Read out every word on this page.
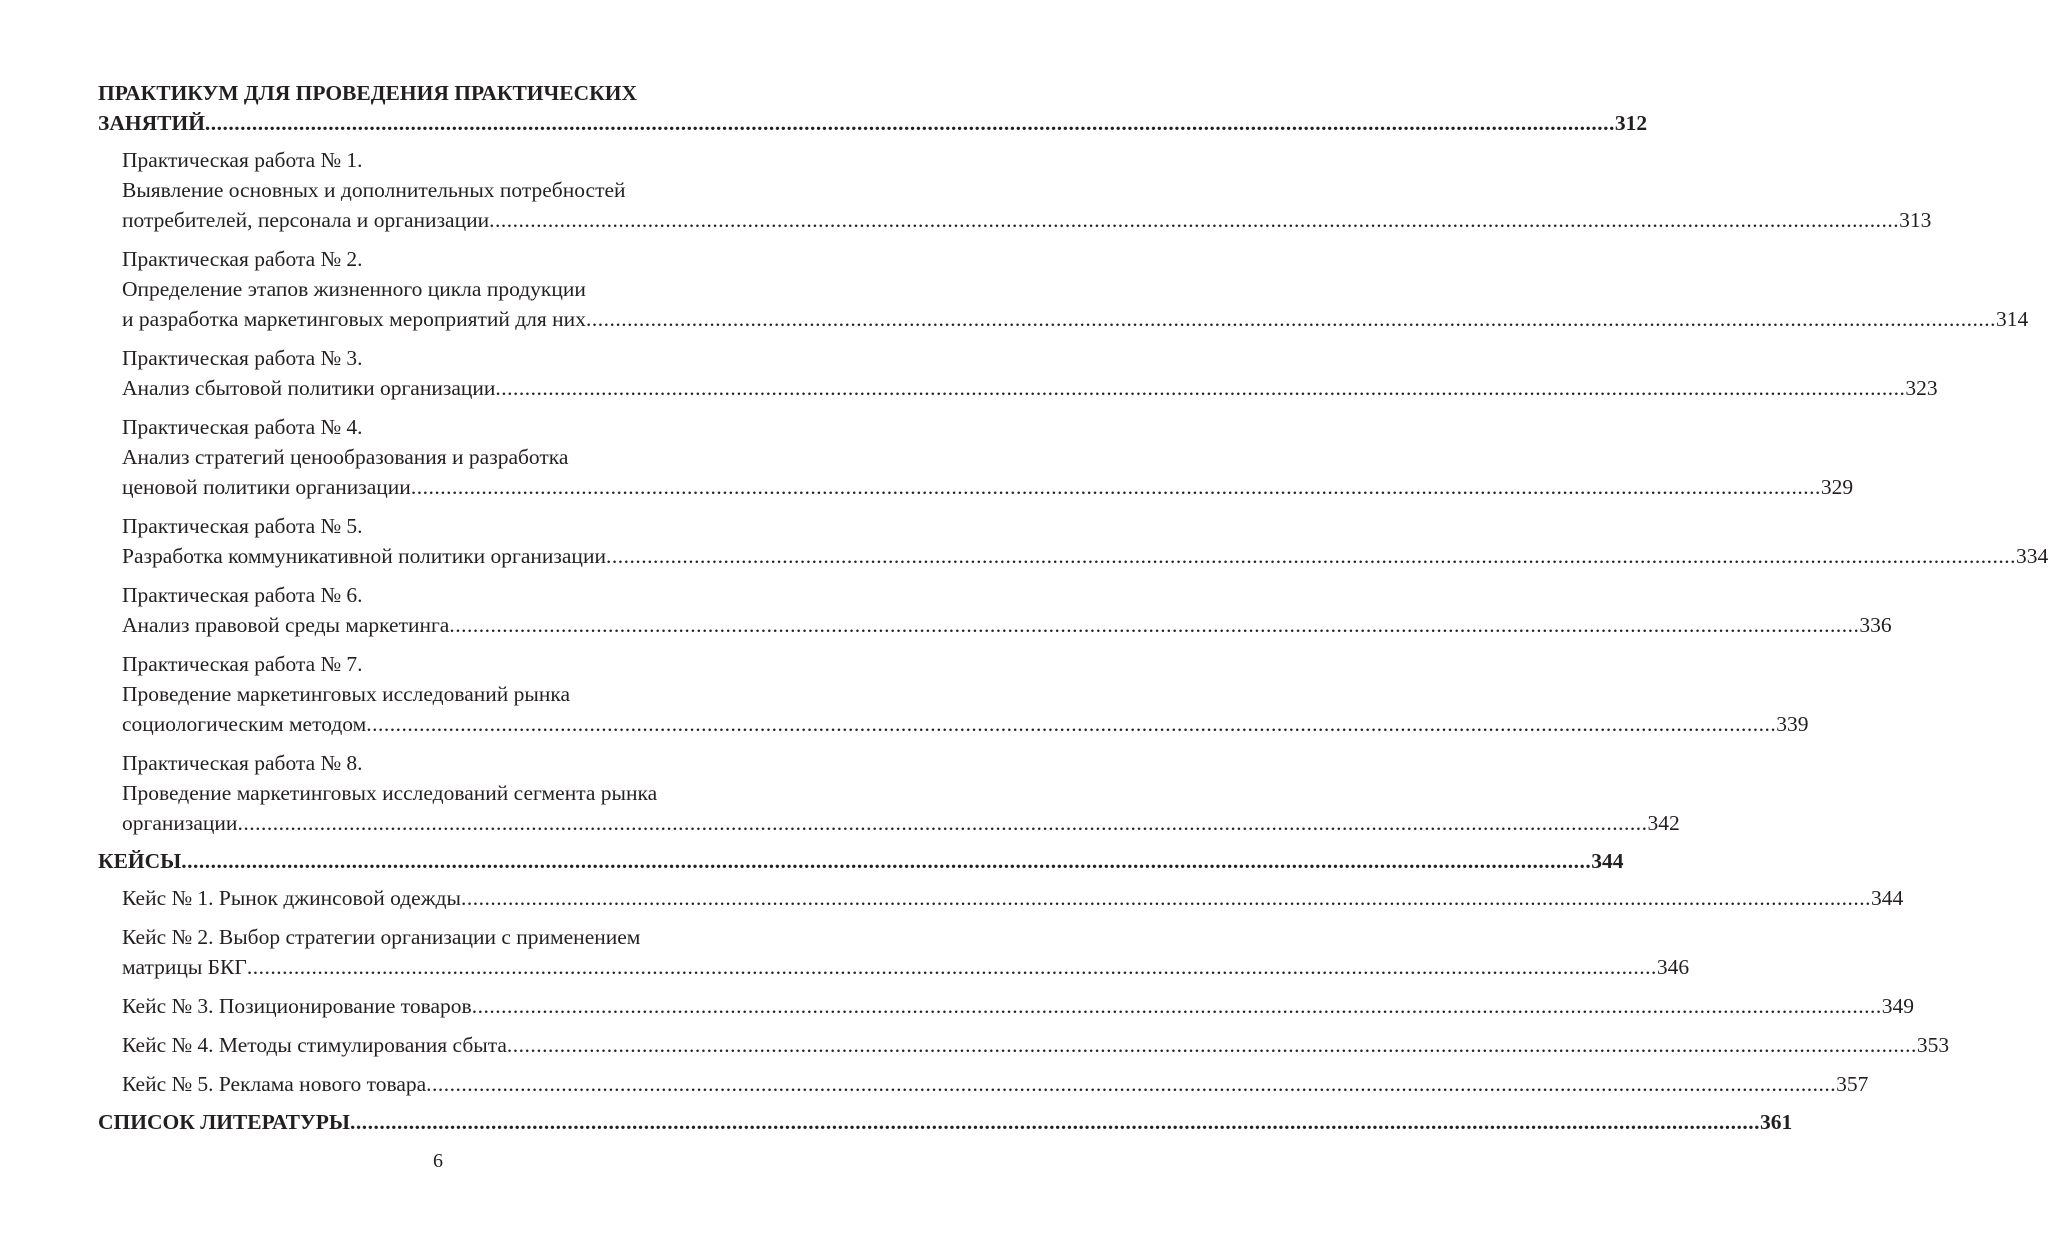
ПРАКТИКУМ ДЛЯ ПРОВЕДЕНИЯ ПРАКТИЧЕСКИХ
ЗАНЯТИЙ .....	312
Практическая работа № 1.
Выявление основных и дополнительных потребностей
потребителей, персонала и организации .....	313
Практическая работа № 2.
Определение этапов жизненного цикла продукции
и разработка маркетинговых мероприятий для них .....	314
Практическая работа № 3.
Анализ сбытовой политики организации .....	323
Практическая работа № 4.
Анализ стратегий ценообразования и разработка
ценовой политики организации .....	329
Практическая работа № 5.
Разработка коммуникативной политики организации .....	334
Практическая работа № 6.
Анализ правовой среды маркетинга .....	336
Практическая работа № 7.
Проведение маркетинговых исследований рынка
социологическим методом .....	339
Практическая работа № 8.
Проведение маркетинговых исследований сегмента рынка
организации .....	342
КЕЙСЫ .....	344
Кейс № 1. Рынок джинсовой одежды .....	344
Кейс № 2. Выбор стратегии организации с применением
матрицы БКГ .....	346
Кейс № 3. Позиционирование товаров .....	349
Кейс № 4. Методы стимулирования сбыта .....	353
Кейс № 5. Реклама нового товара .....	357
СПИСОК ЛИТЕРАТУРЫ .....	361
6
